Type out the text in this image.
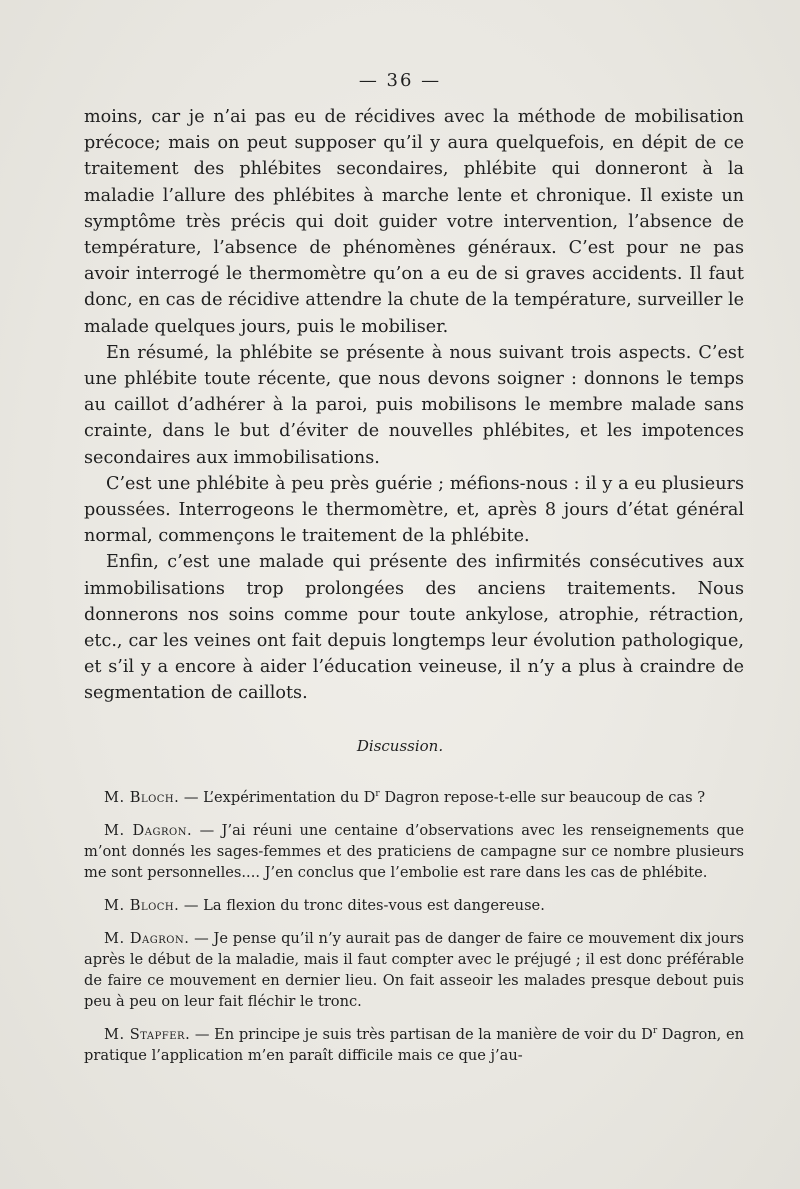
— 36 —

moins, car je n’ai pas eu de récidives avec la méthode de mobilisation précoce; mais on peut supposer qu’il y aura quelquefois, en dépit de ce traitement des phlébites secondaires, phlébite qui donneront à la maladie l’allure des phlébites à marche lente et chronique. Il existe un symptôme très précis qui doit guider votre intervention, l’absence de température, l’absence de phénomènes généraux. C’est pour ne pas avoir interrogé le thermomètre qu’on a eu de si graves accidents. Il faut donc, en cas de récidive attendre la chute de la température, surveiller le malade quelques jours, puis le mobiliser.

En résumé, la phlébite se présente à nous suivant trois aspects. C’est une phlébite toute récente, que nous devons soigner : donnons le temps au caillot d’adhérer à la paroi, puis mobilisons le membre malade sans crainte, dans le but d’éviter de nouvelles phlébites, et les impotences secondaires aux immobilisations.

C’est une phlébite à peu près guérie ; méfions-nous : il y a eu plusieurs poussées. Interrogeons le thermomètre, et, après 8 jours d’état général normal, commençons le traitement de la phlébite.

Enfin, c’est une malade qui présente des infirmités consécutives aux immobilisations trop prolongées des anciens traitements. Nous donnerons nos soins comme pour toute ankylose, atrophie, rétraction, etc., car les veines ont fait depuis longtemps leur évolution pathologique, et s’il y a encore à aider l’éducation veineuse, il n’y a plus à craindre de segmentation de caillots.

Discussion.

M. Bloch. — L’expérimentation du $D^r$ Dagron repose-t-elle sur beaucoup de cas ?

M. Dagron. — J’ai réuni une centaine d’observations avec les renseignements que m’ont donnés les sages-femmes et des praticiens de campagne sur ce nombre plusieurs me sont personnelles.... J’en conclus que l’embolie est rare dans les cas de phlébite.

M. Bloch. — La flexion du tronc dites-vous est dangereuse.

M. Dagron. — Je pense qu’il n’y aurait pas de danger de faire ce mouvement dix jours après le début de la maladie, mais il faut compter avec le préjugé ; il est donc préférable de faire ce mouvement en dernier lieu. On fait asseoir les malades presque debout puis peu à peu on leur fait fléchir le tronc.

M. Stapfer. — En principe je suis très partisan de la manière de voir du $D^r$ Dagron, en pratique l’application m’en paraît difficile mais ce que j’au-
